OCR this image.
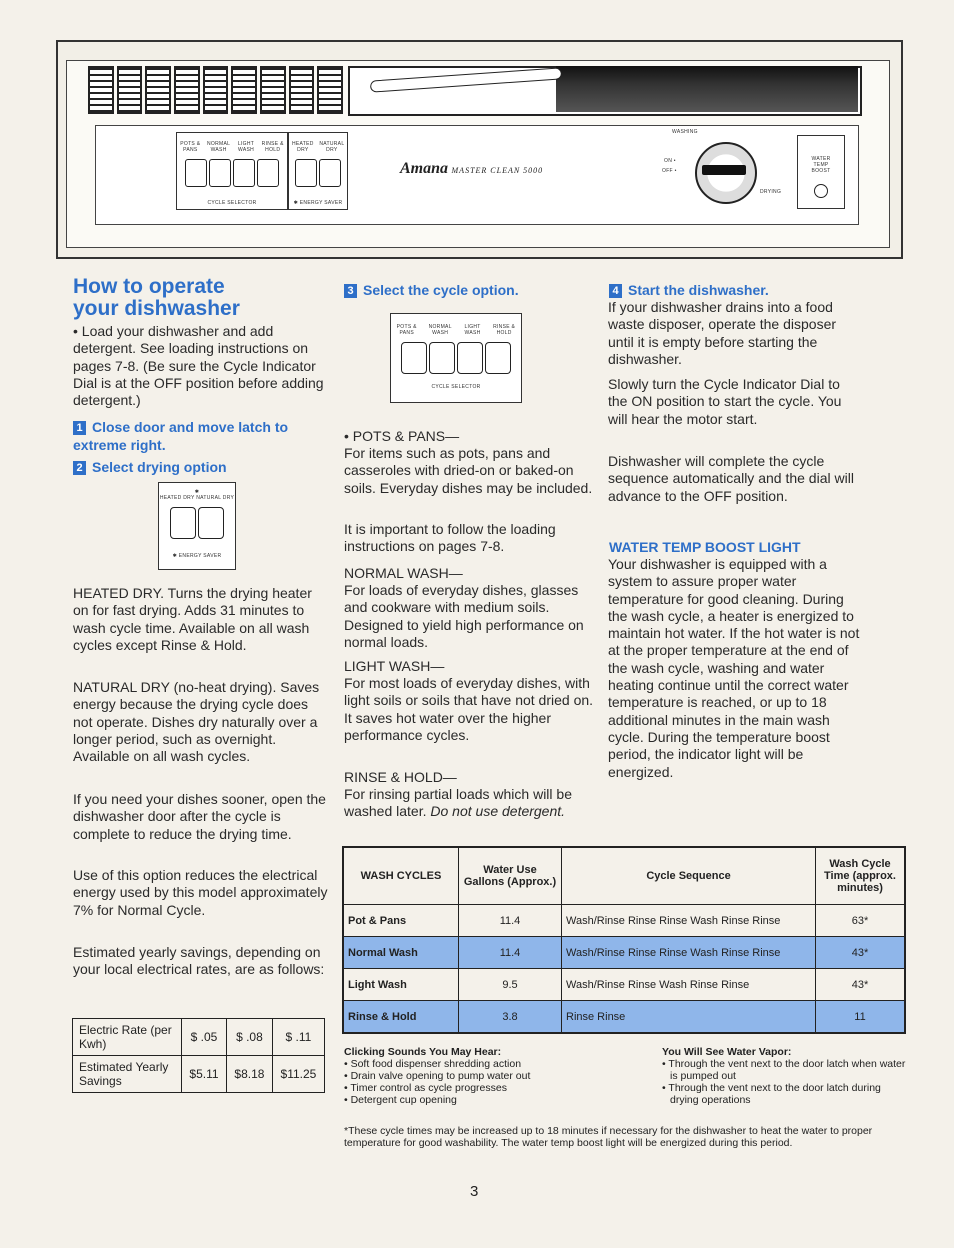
POTS & PANS
NORMAL WASH
LIGHT WASH
RINSE & HOLD
CYCLE SELECTOR
HEATED DRY
NATURAL DRY
✱ ENERGY SAVER
Amana MASTER CLEAN 5000
WASHING
ON •
OFF •
DRYING
WATER TEMP BOOST
How to operate
your dishwasher
• Load your dishwasher and add detergent. See loading instructions on pages 7-8. (Be sure the Cycle Indicator Dial is at the OFF position before adding detergent.)
1 Close door and move latch to extreme right.
2 Select drying option
✱
HEATED DRY NATURAL DRY
✱ ENERGY SAVER
HEATED DRY. Turns the drying heater on for fast drying. Adds 31 minutes to wash cycle time. Available on all wash cycles except Rinse & Hold.
NATURAL DRY (no-heat drying). Saves energy because the drying cycle does not operate. Dishes dry naturally over a longer period, such as overnight. Available on all wash cycles.
If you need your dishes sooner, open the dishwasher door after the cycle is complete to reduce the drying time.
Use of this option reduces the electrical energy used by this model approximately 7% for Normal Cycle.
Estimated yearly savings, depending on your local electrical rates, are as follows:
Electric Rate (per Kwh)	$ .05	$ .08	$ .11
Estimated Yearly Savings	$5.11	$8.18	$11.25
3 Select the cycle option.
POTS & PANS
NORMAL WASH
LIGHT WASH
RINSE & HOLD
CYCLE SELECTOR
• POTS & PANS—
For items such as pots, pans and casseroles with dried-on or baked-on soils. Everyday dishes may be included.
It is important to follow the loading instructions on pages 7-8.
NORMAL WASH—
For loads of everyday dishes, glasses and cookware with medium soils. Designed to yield high performance on normal loads.
LIGHT WASH—
For most loads of everyday dishes, with light soils or soils that have not dried on. It saves hot water over the higher performance cycles.
RINSE & HOLD—
For rinsing partial loads which will be washed later. Do not use detergent.
4 Start the dishwasher.
If your dishwasher drains into a food waste disposer, operate the disposer until it is empty before starting the dishwasher.
Slowly turn the Cycle Indicator Dial to the ON position to start the cycle. You will hear the motor start.
Dishwasher will complete the cycle sequence automatically and the dial will advance to the OFF position.
WATER TEMP BOOST LIGHT
Your dishwasher is equipped with a system to assure proper water temperature for good cleaning. During the wash cycle, a heater is energized to maintain hot water. If the hot water is not at the proper temperature at the end of the wash cycle, washing and water heating continue until the correct water temperature is reached, or up to 18 additional minutes in the main wash cycle. During the temperature boost period, the indicator light will be energized.
WASH CYCLES	Water Use Gallons (Approx.)	Cycle Sequence	Wash Cycle Time (approx. minutes)
Pot & Pans	11.4	Wash/Rinse Rinse Rinse Wash Rinse Rinse	63*
Normal Wash	11.4	Wash/Rinse Rinse Rinse Wash Rinse Rinse	43*
Light Wash	9.5	Wash/Rinse Rinse Wash Rinse Rinse	43*
Rinse & Hold	3.8	Rinse Rinse	11
Clicking Sounds You May Hear:
• Soft food dispenser shredding action
• Drain valve opening to pump water out
• Timer control as cycle progresses
• Detergent cup opening
You Will See Water Vapor:
• Through the vent next to the door latch when water is pumped out
• Through the vent next to the door latch during drying operations
*These cycle times may be increased up to 18 minutes if necessary for the dishwasher to heat the water to proper temperature for good washability. The water temp boost light will be energized during this period.
3
